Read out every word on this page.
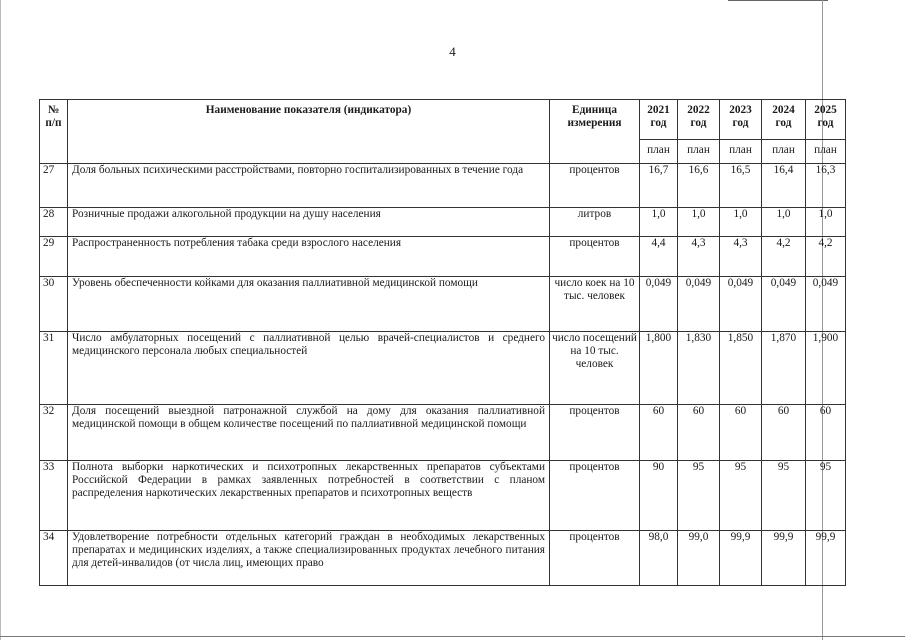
4
№ п/п	Наименование показателя (индикатора)	Единица измерения	2021 год	2022 год	2023 год	2024 год	2025 год
			план	план	план	план	план
27	Доля больных психическими расстройствами, повторно госпитализированных в течение года	процентов	16,7	16,6	16,5	16,4	16,3
28	Розничные продажи алкогольной продукции на душу населения	литров	1,0	1,0	1,0	1,0	1,0
29	Распространенность потребления табака среди взрослого населения	процентов	4,4	4,3	4,3	4,2	4,2
30	Уровень обеспеченности койками для оказания паллиативной медицинской помощи	число коек на 10 тыс. человек	0,049	0,049	0,049	0,049	0,049
31	Число амбулаторных посещений с паллиативной целью врачей-специалистов и среднего медицинского персонала любых специальностей	число посещений на 10 тыс. человек	1,800	1,830	1,850	1,870	1,900
32	Доля посещений выездной патронажной службой на дому для оказания паллиативной медицинской помощи в общем количестве посещений по паллиативной медицинской помощи	процентов	60	60	60	60	60
33	Полнота выборки наркотических и психотропных лекарственных препаратов субъектами Российской Федерации в рамках заявленных потребностей в соответствии с планом распределения наркотических лекарственных препаратов и психотропных веществ	процентов	90	95	95	95	95
34	Удовлетворение потребности отдельных категорий граждан в необходимых лекарственных препаратах и медицинских изделиях, а также специализированных продуктах лечебного питания для детей-инвалидов (от числа лиц, имеющих право	процентов	98,0	99,0	99,9	99,9	99,9
